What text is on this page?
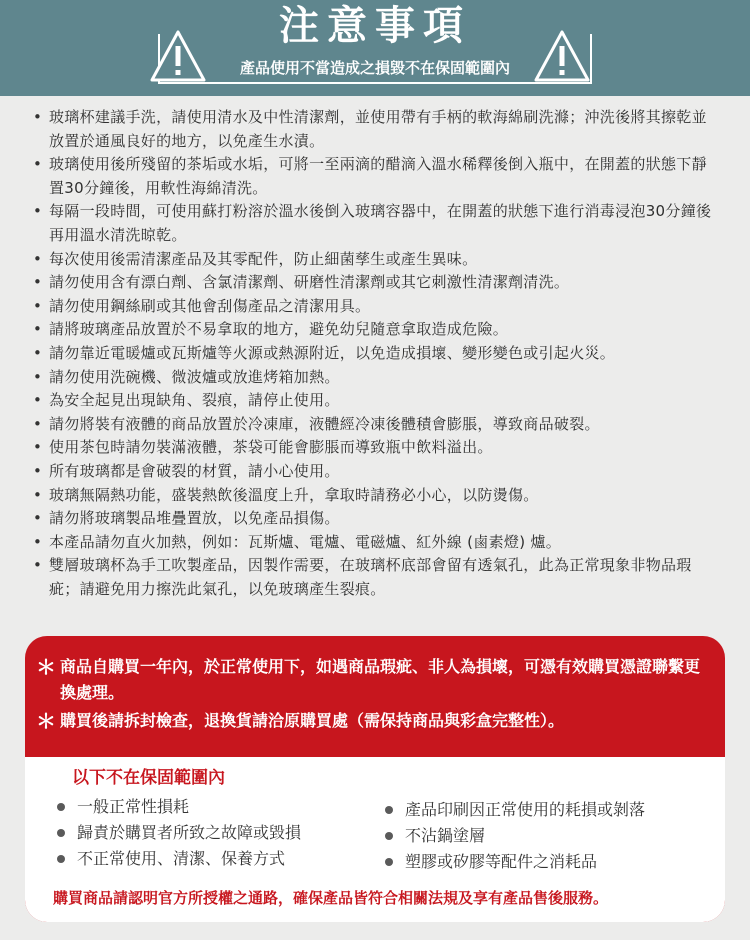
注意事項
產品使用不當造成之損毀不在保固範圍內
• 玻璃杯建議手洗，請使用清水及中性清潔劑，並使用帶有手柄的軟海綿刷洗滌；沖洗後將其擦乾並放置於通風良好的地方，以免產生水漬。
• 玻璃使用後所殘留的茶垢或水垢，可將一至兩滴的醋滴入溫水稀釋後倒入瓶中，在開蓋的狀態下靜置30分鐘後，用軟性海綿清洗。
• 每隔一段時間，可使用蘇打粉溶於溫水後倒入玻璃容器中，在開蓋的狀態下進行消毒浸泡30分鐘後再用溫水清洗晾乾。
• 每次使用後需清潔產品及其零配件，防止細菌孳生或產生異味。
• 請勿使用含有漂白劑、含氯清潔劑、研磨性清潔劑或其它刺激性清潔劑清洗。
• 請勿使用鋼絲刷或其他會刮傷產品之清潔用具。
• 請將玻璃產品放置於不易拿取的地方，避免幼兒隨意拿取造成危險。
• 請勿靠近電暖爐或瓦斯爐等火源或熱源附近，以免造成損壞、變形變色或引起火災。
• 請勿使用洗碗機、微波爐或放進烤箱加熱。
• 為安全起見出現缺角、裂痕，請停止使用。
• 請勿將裝有液體的商品放置於冷凍庫，液體經冷凍後體積會膨脹，導致商品破裂。
• 使用茶包時請勿裝滿液體，茶袋可能會膨脹而導致瓶中飲料溢出。
• 所有玻璃都是會破裂的材質，請小心使用。
• 玻璃無隔熱功能，盛裝熱飲後溫度上升，拿取時請務必小心，以防燙傷。
• 請勿將玻璃製品堆疊置放，以免產品損傷。
• 本產品請勿直火加熱，例如：瓦斯爐、電爐、電磁爐、紅外線 (鹵素燈) 爐。
• 雙層玻璃杯為手工吹製產品，因製作需要，在玻璃杯底部會留有透氣孔，此為正常現象非物品瑕疵；請避免用力擦洗此氣孔，以免玻璃產生裂痕。
＊ 商品自購買一年內，於正常使用下，如遇商品瑕疵、非人為損壞，可憑有效購買憑證聯繫更換處理。
＊ 購買後請拆封檢查，退換貨請洽原購買處（需保持商品與彩盒完整性）。
以下不在保固範圍內
一般正常性損耗
歸責於購買者所致之故障或毀損
不正常使用、清潔、保養方式
產品印刷因正常使用的耗損或剝落
不沾鍋塗層
塑膠或矽膠等配件之消耗品
購買商品請認明官方所授權之通路，確保產品皆符合相關法規及享有產品售後服務。
